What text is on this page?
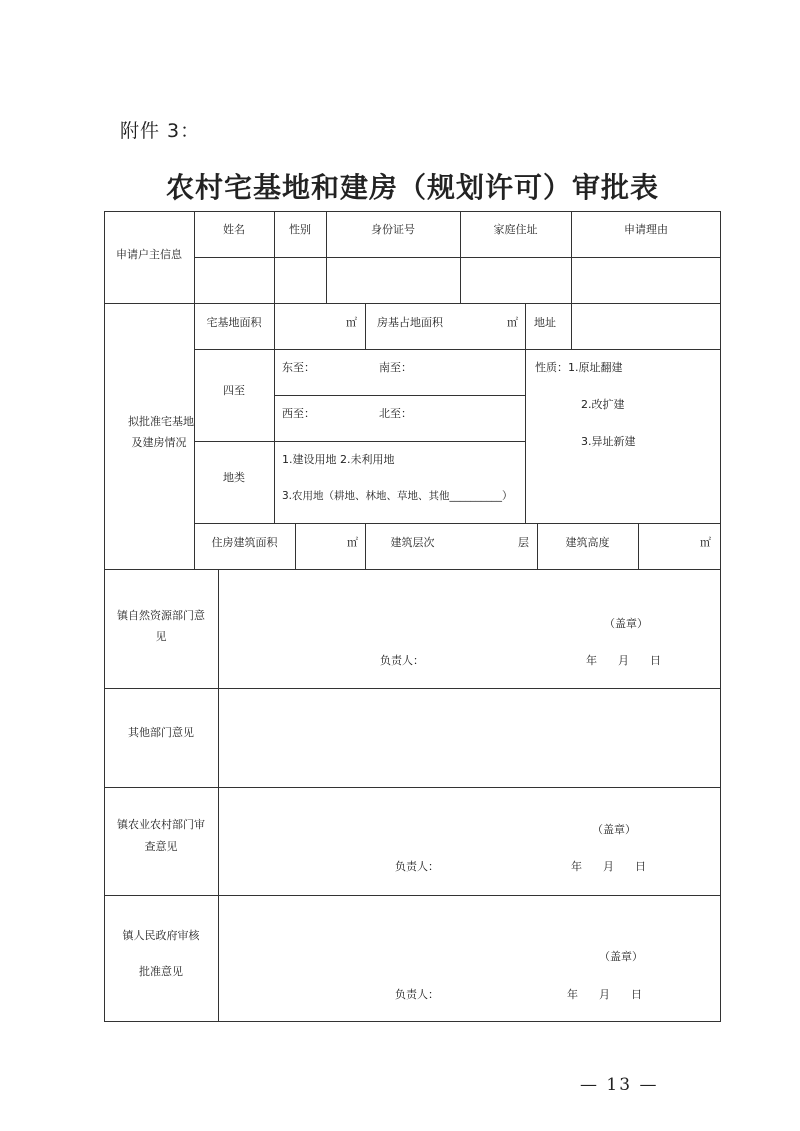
附件 3：
农村宅基地和建房（规划许可）审批表
申请户主信息
姓名	性别	身份证号	家庭住址	申请理由
拟批准宅基地
及建房情况
宅基地面积	㎡	房基占地面积	㎡ 地址
四至
东至：	南至：
西至：	北至：
性质：1.原址翻建
2.改扩建
3.异址新建
地类
1.建设用地 2.未利用地
3.农用地（耕地、林地、草地、其他__________）
住房建筑面积	㎡	建筑层次	层	建筑高度	㎡
镇自然资源部门意
见
（盖章）
负责人：	年      月      日
其他部门意见
镇农业农村部门审
查意见
（盖章）
负责人：	年      月      日
镇人民政府审核
批准意见
（盖章）
负责人：	年      月      日
— 13 —
